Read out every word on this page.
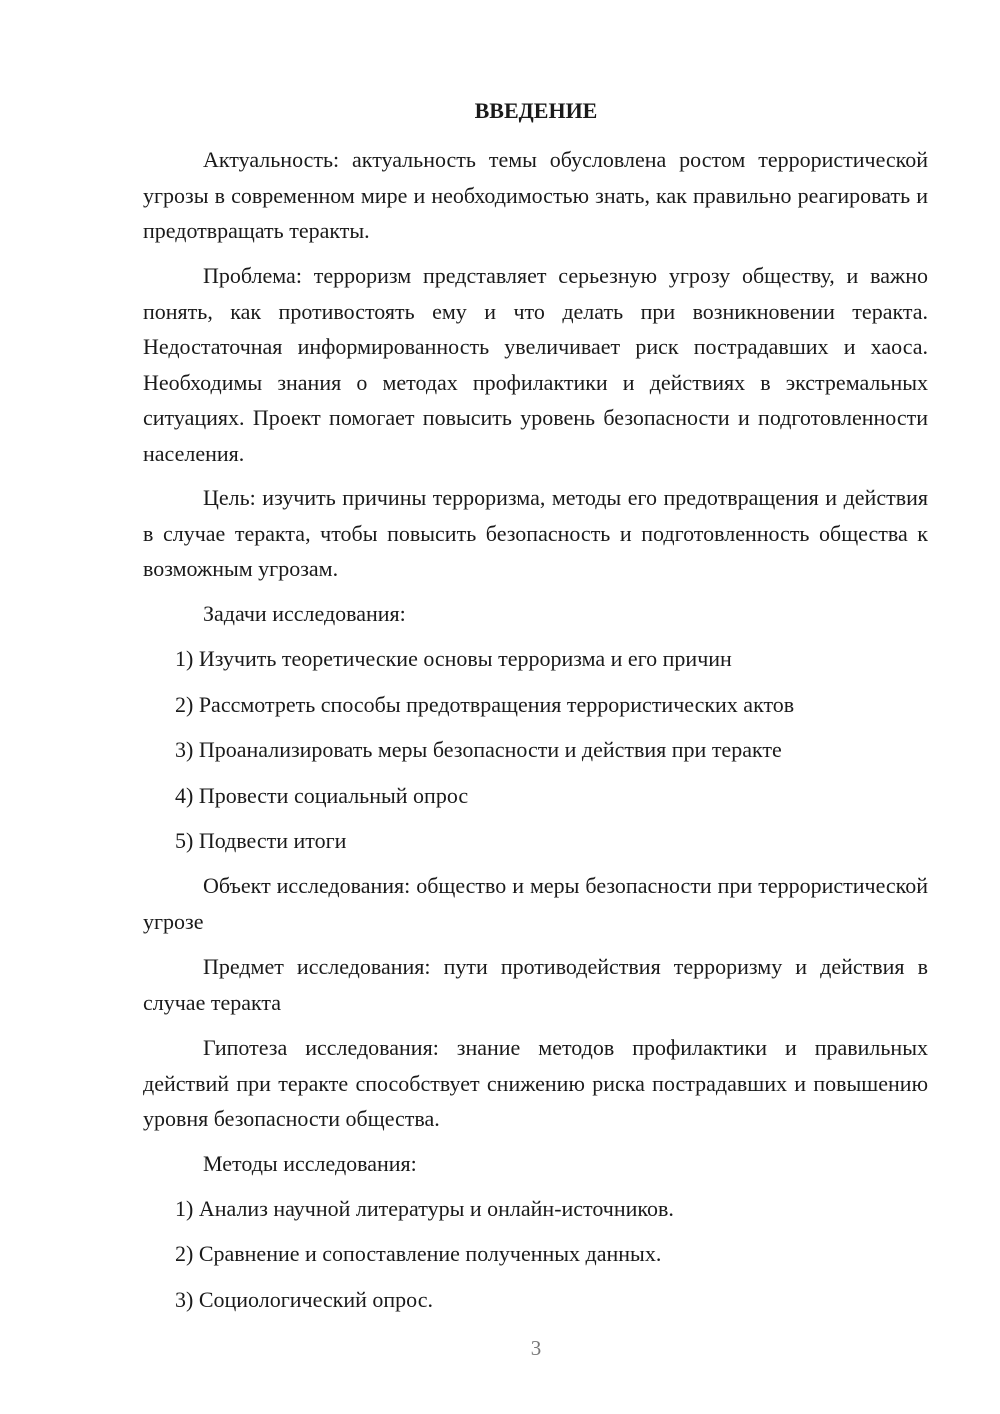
ВВЕДЕНИЕ

Актуальность: актуальность темы обусловлена ростом террористической угрозы в современном мире и необходимостью знать, как правильно реагировать и предотвращать теракты.

Проблема: терроризм представляет серьезную угрозу обществу, и важно понять, как противостоять ему и что делать при возникновении теракта. Недостаточная информированность увеличивает риск пострадавших и хаоса. Необходимы знания о методах профилактики и действиях в экстремальных ситуациях. Проект помогает повысить уровень безопасности и подготовленности населения.

Цель: изучить причины терроризма, методы его предотвращения и действия в случае теракта, чтобы повысить безопасность и подготовленность общества к возможным угрозам.

Задачи исследования:

1) Изучить теоретические основы терроризма и его причин

2) Рассмотреть способы предотвращения террористических актов

3) Проанализировать меры безопасности и действия при теракте

4) Провести социальный опрос

5) Подвести итоги

Объект исследования: общество и меры безопасности при террористической угрозе

Предмет исследования: пути противодействия терроризму и действия в случае теракта

Гипотеза исследования: знание методов профилактики и правильных действий при теракте способствует снижению риска пострадавших и повышению уровня безопасности общества.

Методы исследования:

1) Анализ научной литературы и онлайн-источников.

2) Сравнение и сопоставление полученных данных.

3) Социологический опрос.

3
